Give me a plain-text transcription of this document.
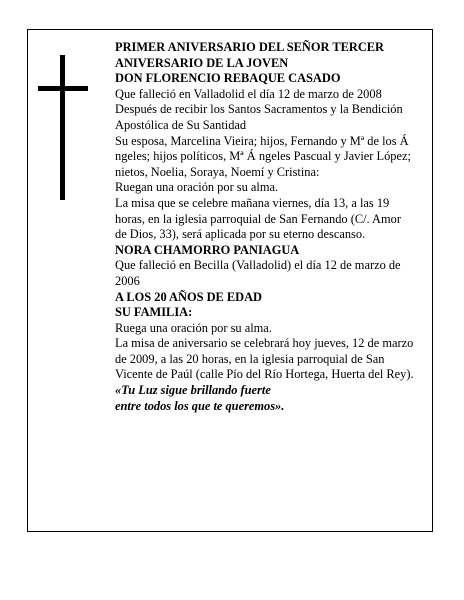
PRIMER ANIVERSARIO DEL SEÑOR TERCER

ANIVERSARIO DE LA JOVEN

DON FLORENCIO REBAQUE CASADO

Que falleció en Valladolid el día 12 de marzo de 2008

Después de recibir los Santos Sacramentos y la Bendición Apostólica de Su Santidad

Su esposa, Marcelina Vieira; hijos, Fernando y Mª de los Á ngeles; hijos políticos, Mª Á ngeles Pascual y Javier López; nietos, Noelia, Soraya, Noemí y Cristina:

Ruegan una oración por su alma.

La misa que se celebre mañana viernes, día 13, a las 19 horas, en la iglesia parroquial de San Fernando (C/. Amor de Dios, 33), será aplicada por su eterno descanso.

NORA CHAMORRO PANIAGUA

Que falleció en Becilla (Valladolid) el día 12 de marzo de 2006

A LOS 20 AÑOS DE EDAD

SU FAMILIA:

Ruega una oración por su alma.

La misa de aniversario se celebrará hoy jueves, 12 de marzo de 2009, a las 20 horas, en la iglesia parroquial de San Vicente de Paúl (calle Pío del Río Hortega, Huerta del Rey).

«Tu Luz sigue brillando fuerte

entre todos los que te queremos».
